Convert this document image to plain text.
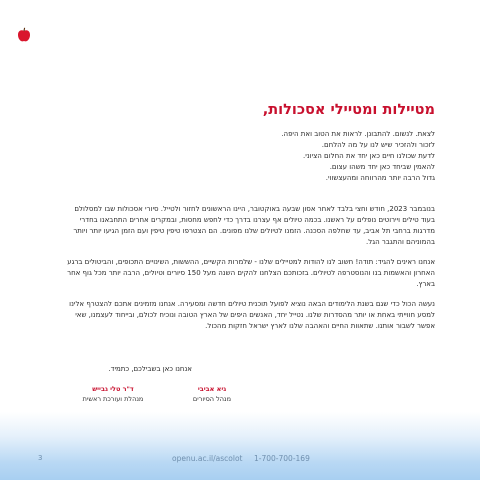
מטיילות ומטיילי אסכולות,

לצאת. לנשום. להתבונן. לראות את הטוב ואת היפה.

לזכור ולהזכיר שיש לנו על מה להלחם.

לדעת שכולנו חיים כאן יחד את החלום הציוני.

להאמין שביחד כאן יחד משהו עצום.

גדול הרבה יותר מהרווחה ומהעצשווי.

בנובמבר 2023, חודש וחצי בלבד לאחר אסון שבעה באוקטובר, היינו הראשונים לחזור ולטייל. סיורי אסכולות שבו למסלולם בעוד טילים ויירוטים נופלים על ראשנו. בכמה טיולים אף עצרנו בדרך כדי לחפש מחסות, ובמקרים אחרים התחבאנו בחדרי מדרגות ברחבי תל אביב, עד שחלפה הסכנה. הזמנו לטיולים שלנו מפונים. הם הצטרפו טיפין טיפין ועם הזמן הגיעו יותר ויותר בהמוניהם והתגבר הגל.

אנחנו ראינים להגיד: תודה! חשוב לנו להודות למטיילים שלנו - שלמרות הקשיים, ההששות, השינויים התכופים, והביטולים ברגע האחרון והאשמות בנו והנוסטרפה לטיולים. בזכותכם הצלחנו להקים השנה מעל 150 סיורים וטיולים, הרבה יותר מכל גוף אחר בארץ.

נעשה הכול כדי שגם בשנת הלימודים הבאה נוציא לפועל תוכנית טיולים חדשה ומסעירה. אנחנו מזמינים אתכם להצטרף אלינו למסע חווייתי באחת או יותר מהסדרות שלנו. נטייל יחד, האנשים היפים של הארץ הטובה ונוכיח לכולם, ובייחוד לעצמנו, שאי אפשר לשבור אותנו. שתאוות החיים והאהבה שלנו לארץ ישראל חזקות מהכול.

אנחנו כאן בשבילכם, כתמיד.
גיא אביבי
מנהל הסיורים
ד"ר טלי גבייש
מנהלת ועורכת ראשית
3	openu.ac.il/ascolot 1-700-700-169
